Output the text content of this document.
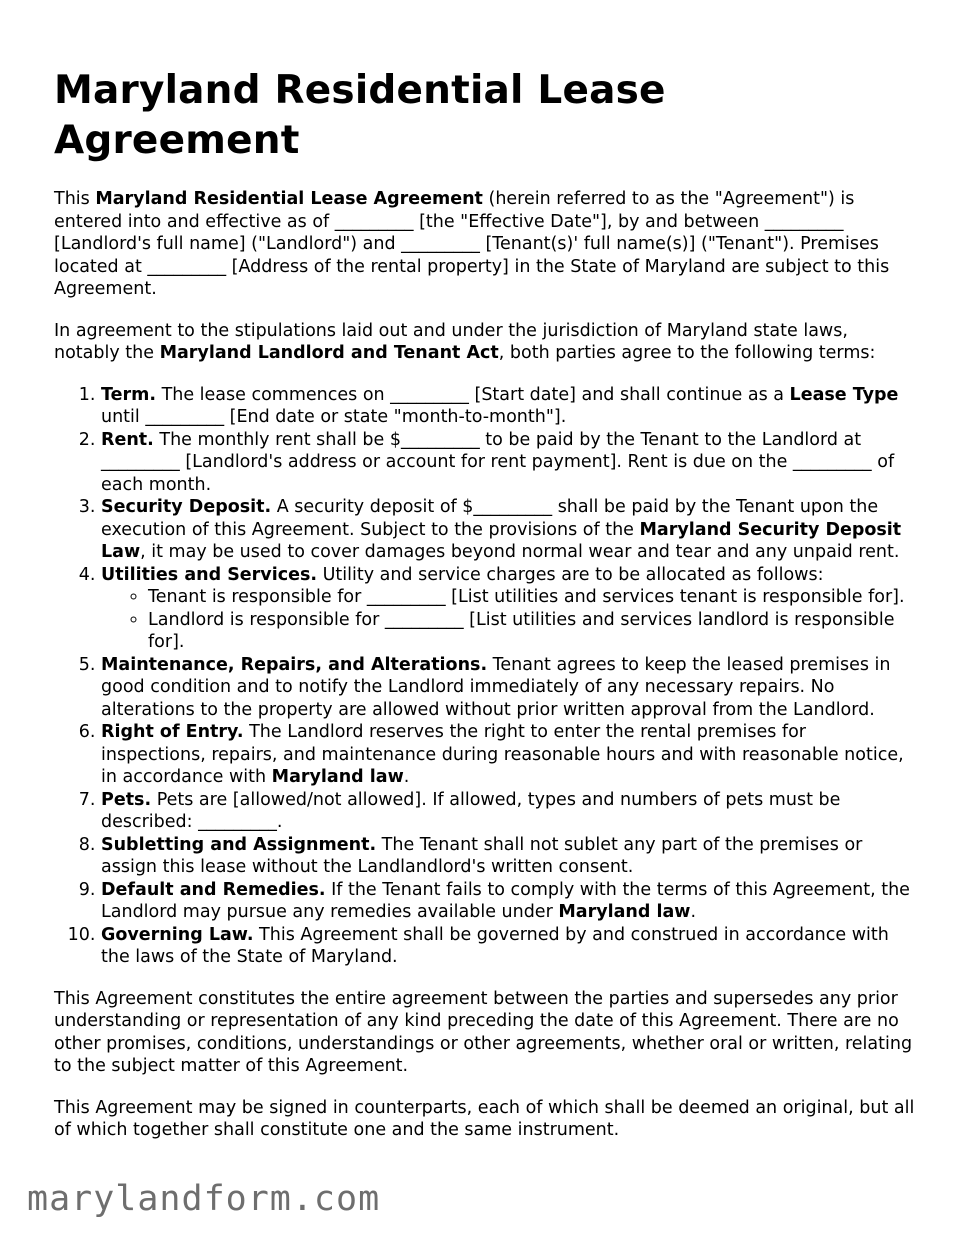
Maryland Residential Lease Agreement

This Maryland Residential Lease Agreement (herein referred to as the "Agreement") is entered into and effective as of _________ [the "Effective Date"], by and between _________ [Landlord's full name] ("Landlord") and _________ [Tenant(s)' full name(s)] ("Tenant"). Premises located at _________ [Address of the rental property] in the State of Maryland are subject to this Agreement.

In agreement to the stipulations laid out and under the jurisdiction of Maryland state laws, notably the Maryland Landlord and Tenant Act, both parties agree to the following terms:

1. Term. The lease commences on _________ [Start date] and shall continue as a Lease Type until _________ [End date or state "month-to-month"].
2. Rent. The monthly rent shall be $_________ to be paid by the Tenant to the Landlord at _________ [Landlord's address or account for rent payment]. Rent is due on the _________ of each month.
3. Security Deposit. A security deposit of $_________ shall be paid by the Tenant upon the execution of this Agreement. Subject to the provisions of the Maryland Security Deposit Law, it may be used to cover damages beyond normal wear and tear and any unpaid rent.
4. Utilities and Services. Utility and service charges are to be allocated as follows:
◦ Tenant is responsible for _________ [List utilities and services tenant is responsible for].
◦ Landlord is responsible for _________ [List utilities and services landlord is responsible for].
5. Maintenance, Repairs, and Alterations. Tenant agrees to keep the leased premises in good condition and to notify the Landlord immediately of any necessary repairs. No alterations to the property are allowed without prior written approval from the Landlord.
6. Right of Entry. The Landlord reserves the right to enter the rental premises for inspections, repairs, and maintenance during reasonable hours and with reasonable notice, in accordance with Maryland law.
7. Pets. Pets are [allowed/not allowed]. If allowed, types and numbers of pets must be described: _________.
8. Subletting and Assignment. The Tenant shall not sublet any part of the premises or assign this lease without the Landlandlord's written consent.
9. Default and Remedies. If the Tenant fails to comply with the terms of this Agreement, the Landlord may pursue any remedies available under Maryland law.
10. Governing Law. This Agreement shall be governed by and construed in accordance with the laws of the State of Maryland.

This Agreement constitutes the entire agreement between the parties and supersedes any prior understanding or representation of any kind preceding the date of this Agreement. There are no other promises, conditions, understandings or other agreements, whether oral or written, relating to the subject matter of this Agreement.

This Agreement may be signed in counterparts, each of which shall be deemed an original, but all of which together shall constitute one and the same instrument.

marylandform.com
